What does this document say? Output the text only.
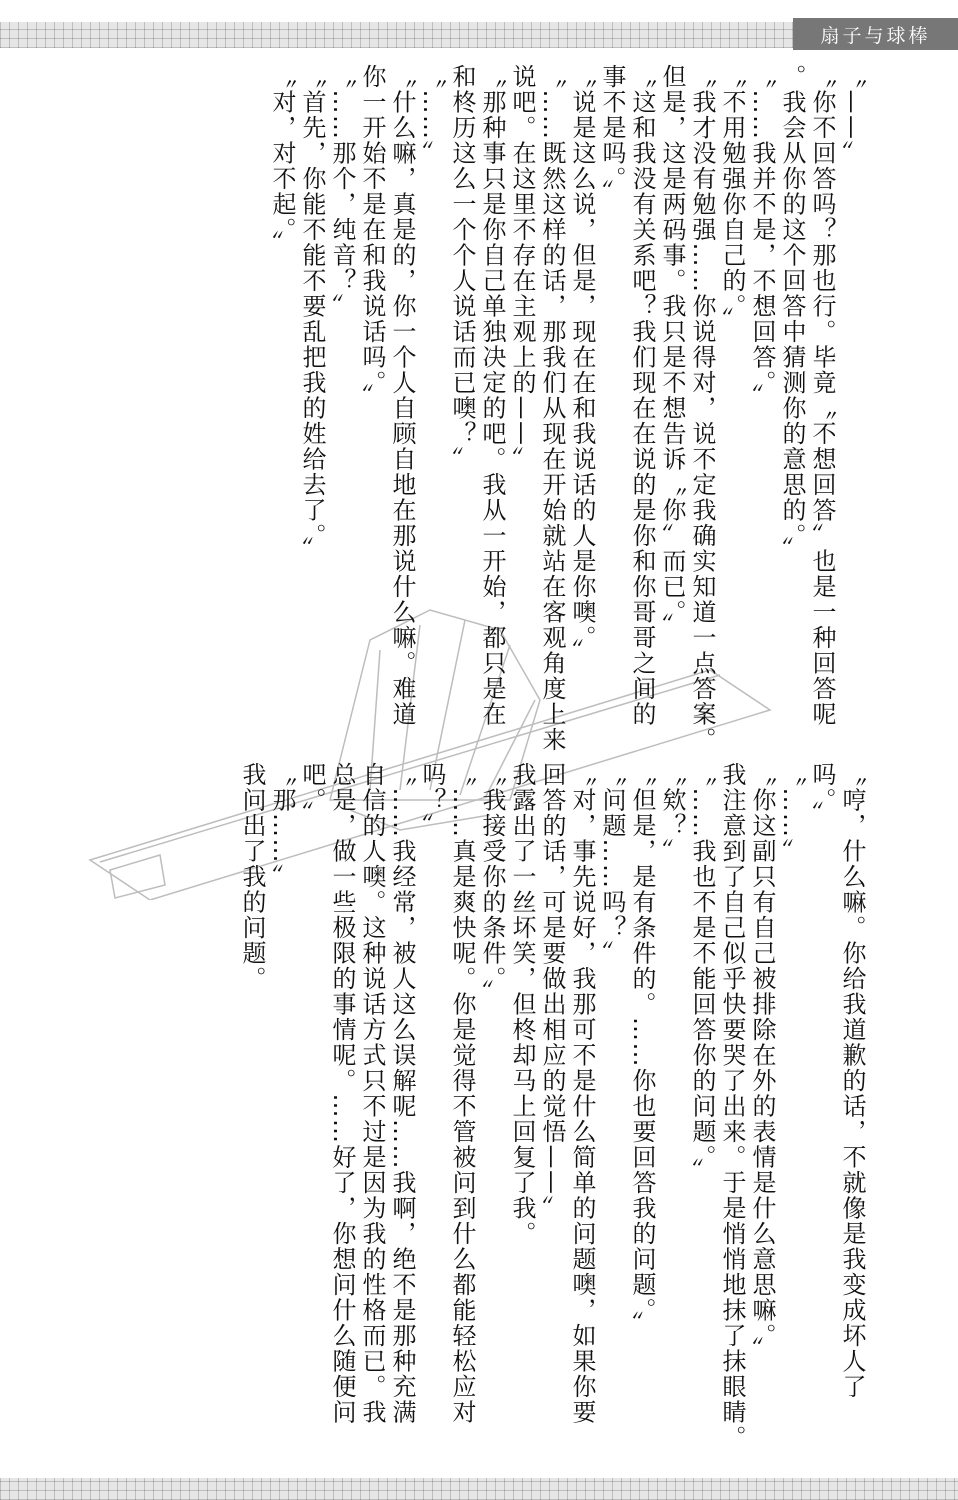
扇子与球棒
〝——〞
〝你不回答吗？那也行。毕竟〝不想回答〞也是一种回答呢
。我会从你的这个回答中猜测你的意思的。〞
〝……我并不是，不想回答。〞
〝不用勉强你自己的。〞
〝我才没有勉强……你说得对，说不定我确实知道一点答案。
但是，这是两码事。我只是不想告诉〝你〞而已。〞
〝这和我没有关系吧？我们现在在说的是你和你哥哥之间的
事不是吗。〞
〝说是这么说，但是，现在在和我说话的人是你噢。〞
〝……既然这样的话，那我们从现在开始就站在客观角度上来
说吧。在这里不存在主观上的——〞
〝那种事只是你自己单独决定的吧。我从一开始，都只是在
和柊历这么一个个人说话而已噢？〞
〝……〞
〝什么嘛，真是的，你一个人自顾自地在那说什么嘛。难道
你一开始不是在和我说话吗。〞
〝……那个，纯音？〞
〝首先，你能不能不要乱把我的姓给去了。〞
〝对，对不起。〞
〝哼，什么嘛。你给我道歉的话，不就像是我变成坏人了
吗。〞
〝……〞
〝你这副只有自己被排除在外的表情是什么意思嘛。〞
我注意到了自己似乎快要哭了出来。于是悄悄地抹了抹眼睛。
〝……我也不是不能回答你的问题。〞
〝欸？〞
〝但是，是有条件的。……你也要回答我的问题。〞
〝问题……吗？〞
〝对，事先说好，我那可不是什么简单的问题噢，如果你要
回答的话，可是要做出相应的觉悟——〞
我露出了一丝坏笑，但柊却马上回复了我。
〝我接受你的条件。〞
〝……真是爽快呢。你是觉得不管被问到什么都能轻松应对
吗？〞
〝……我经常，被人这么误解呢……我啊，绝不是那种充满
自信的人噢。这种说话方式只不过是因为我的性格而已。我
总是，做一些极限的事情呢。……好了，你想问什么随便问
吧。〞
〝那……〞
我问出了我的问题。
